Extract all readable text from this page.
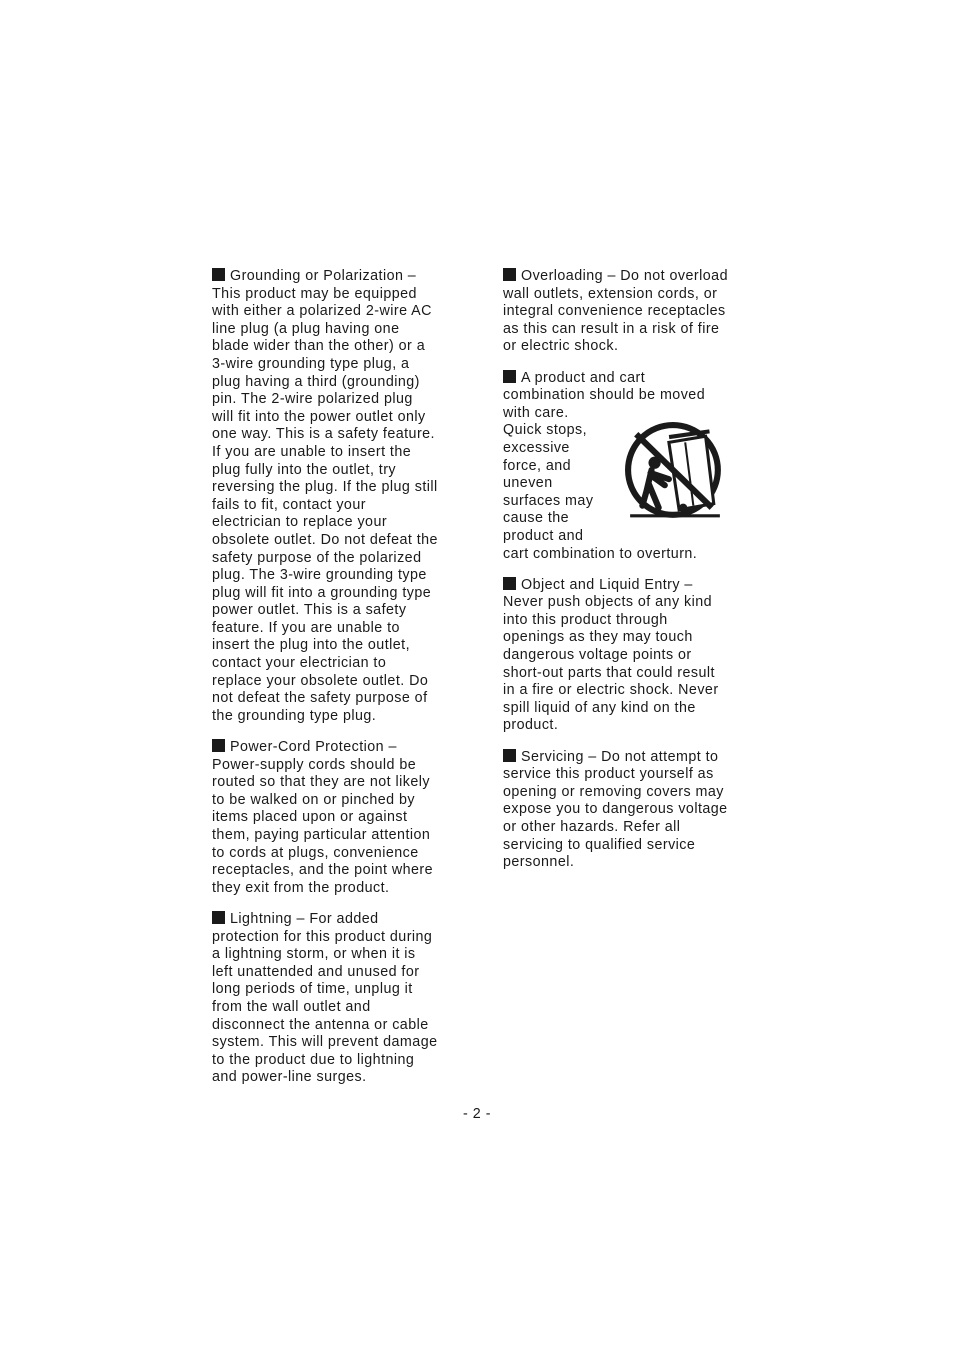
Grounding or Polarization –
This product may be equipped
with either a polarized 2-wire AC
line plug (a plug having one
blade wider than the other) or a
3-wire grounding type plug, a
plug having a third (grounding)
pin. The 2-wire polarized plug
will fit into the power outlet only
one way. This is a safety feature.
If you are unable to insert the
plug fully into the outlet, try
reversing the plug. If the plug still
fails to fit, contact your
electrician to replace your
obsolete outlet. Do not defeat the
safety purpose of the polarized
plug. The 3-wire grounding type
plug will fit into a grounding type
power outlet. This is a safety
feature. If you are unable to
insert the plug into the outlet,
contact your electrician to
replace your obsolete outlet. Do
not defeat the safety purpose of
the grounding type plug.
Power-Cord Protection –
Power-supply cords should be
routed so that they are not likely
to be walked on or pinched by
items placed upon or against
them, paying particular attention
to cords at plugs, convenience
receptacles, and the point where
they exit from the product.
Lightning – For added
protection for this product during
a lightning storm, or when it is
left unattended and unused for
long periods of time, unplug it
from the wall outlet and
disconnect the antenna or cable
system. This will prevent damage
to the product due to lightning
and power-line surges.
Overloading – Do not overload
wall outlets, extension cords, or
integral convenience receptacles
as this can result in a risk of fire
or electric shock.
A product and cart
combination should be moved
with care.
Quick stops,
excessive
force, and
uneven
surfaces may
cause the
product and
cart combination to overturn.
Object and Liquid Entry –
Never push objects of any kind
into this product through
openings as they may touch
dangerous voltage points or
short-out parts that could result
in a fire or electric shock. Never
spill liquid of any kind on the
product.
Servicing – Do not attempt to
service this product yourself as
opening or removing covers may
expose you to dangerous voltage
or other hazards. Refer all
servicing to qualified service
personnel.
- 2 -
